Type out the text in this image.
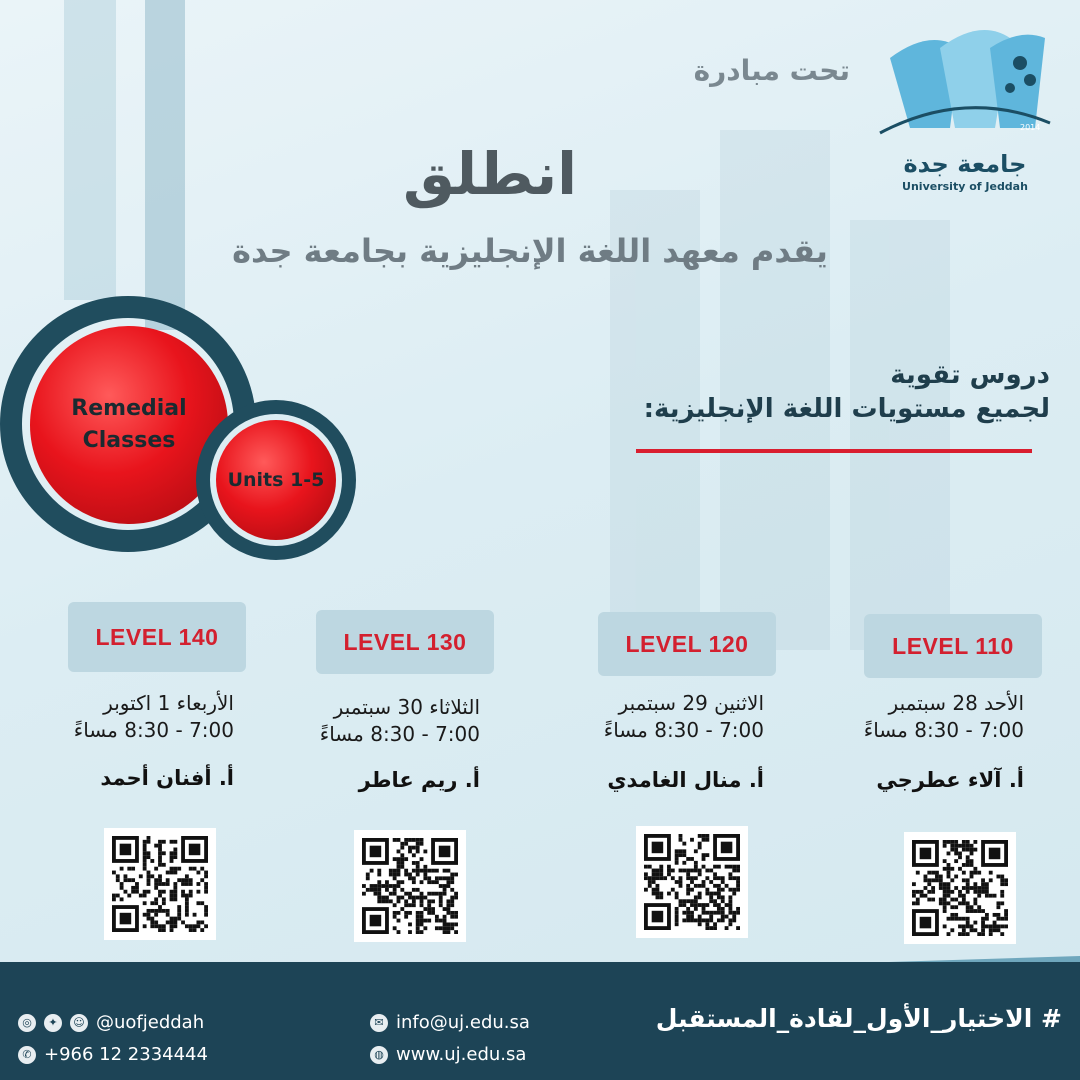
2014
جامعة جدة
University of Jeddah
تحت مبادرة
انطلق
يقدم معهد اللغة الإنجليزية بجامعة جدة
دروس تقوية
لجميع مستويات اللغة الإنجليزية:
Remedial
Classes
Units 1-5
LEVEL 110
الأحد 28 سبتمبر
7:00 - 8:30 مساءً
أ. آلاء عطرجي
LEVEL 120
الاثنين 29 سبتمبر
7:00 - 8:30 مساءً
أ. منال الغامدي
LEVEL 130
الثلاثاء 30 سبتمبر
7:00 - 8:30 مساءً
أ. ريم عاطر
LEVEL 140
الأربعاء 1 اكتوبر
7:00 - 8:30 مساءً
أ. أفنان أحمد
# الاختيار_الأول_لقادة_المستقبل
◎	✦	☺ @uofjeddah
✆ +966 12 2334444
✉ info@uj.edu.sa
◍ www.uj.edu.sa
